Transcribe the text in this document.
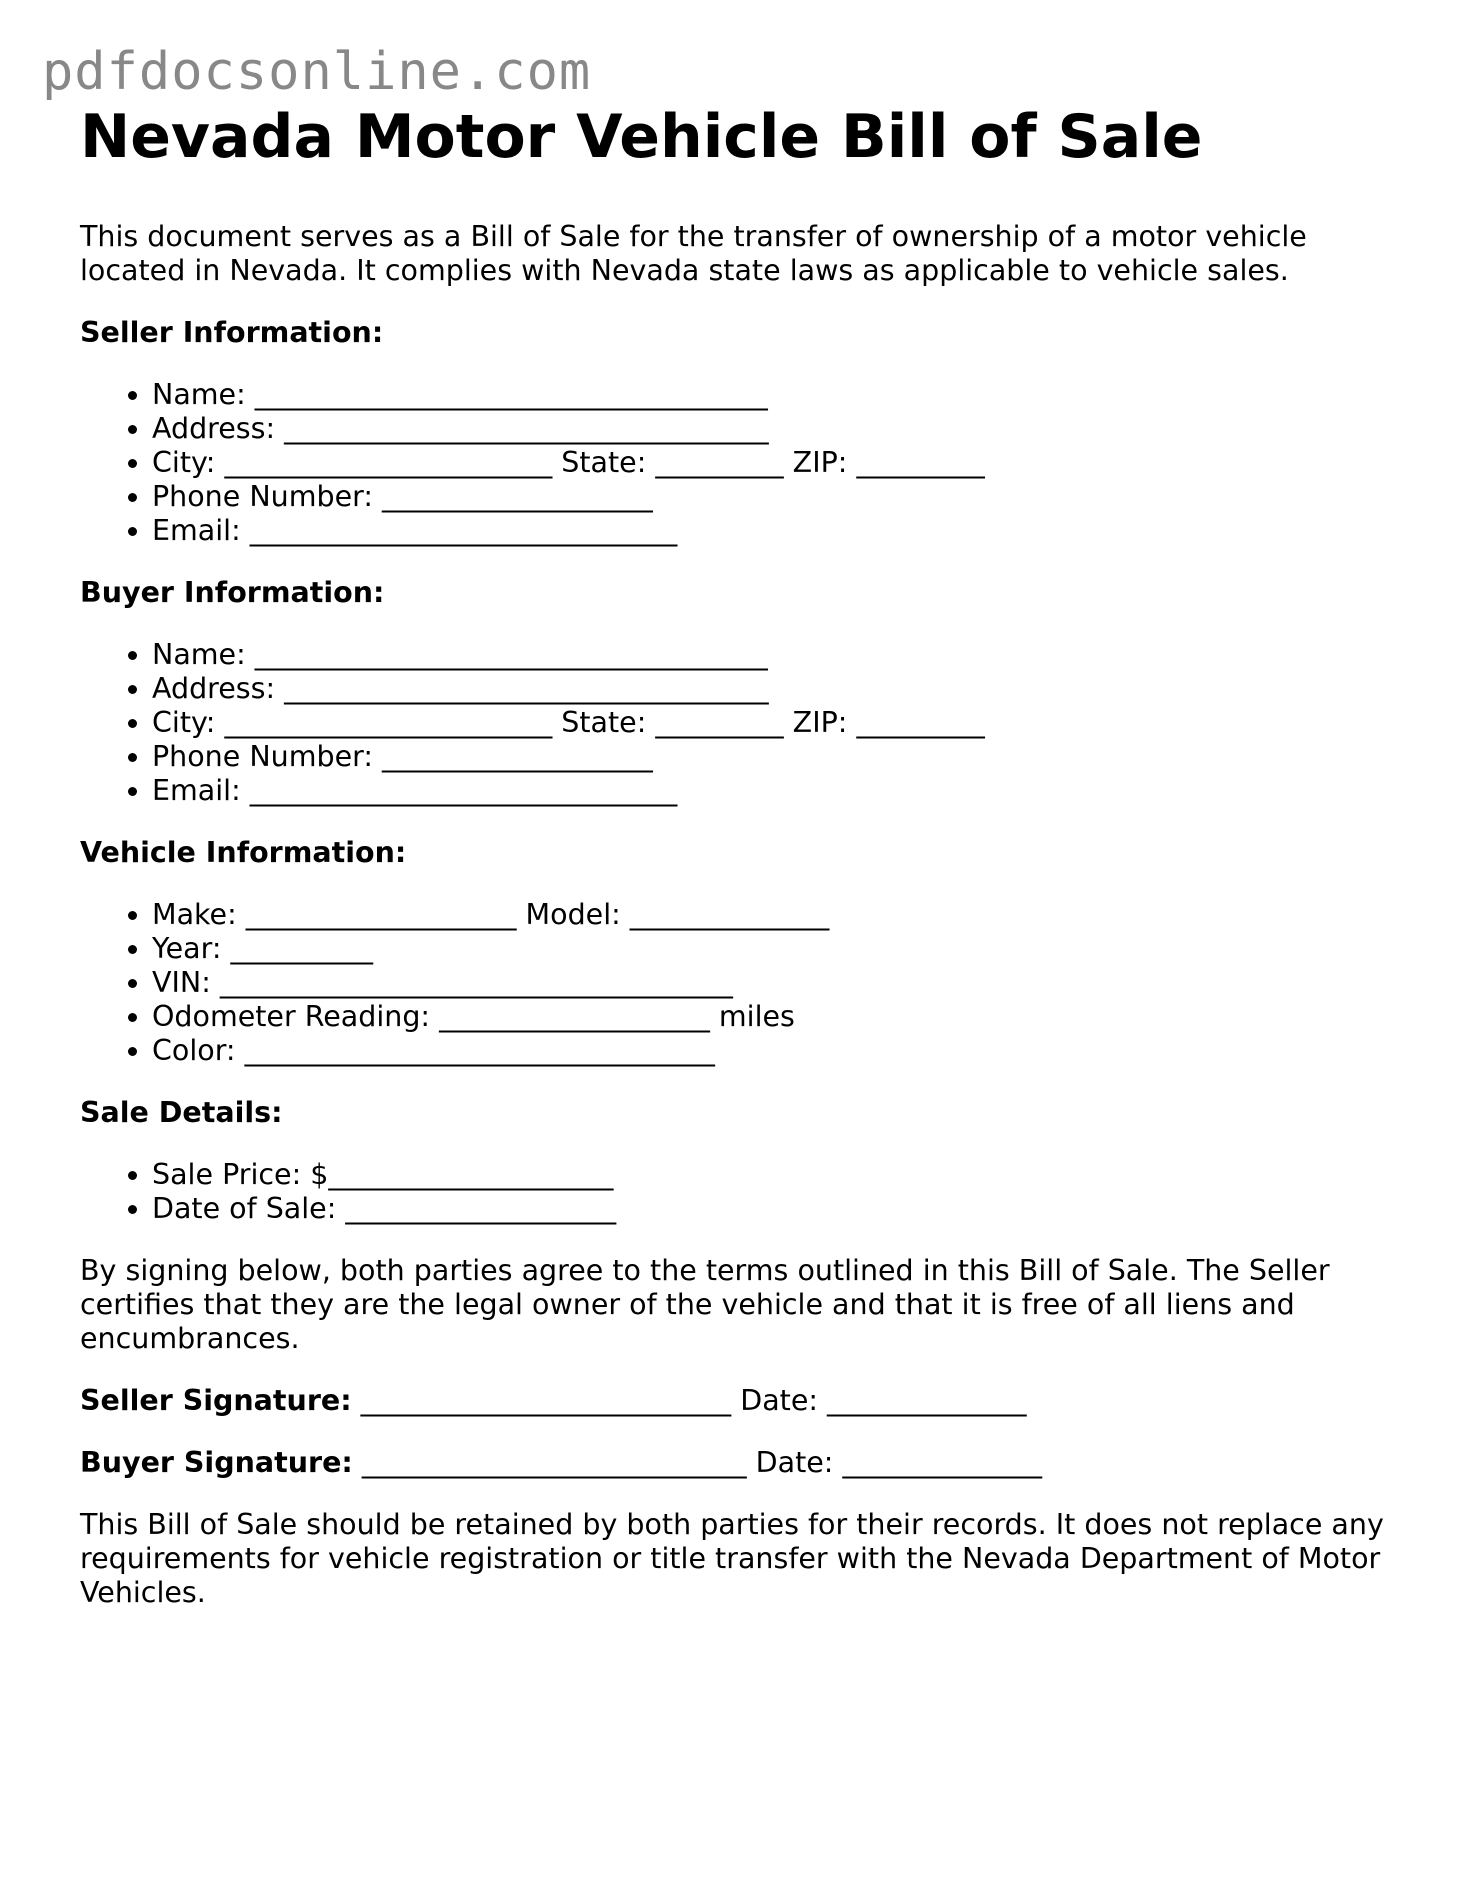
pdfdocsonline.com
Nevada Motor Vehicle Bill of Sale

This document serves as a Bill of Sale for the transfer of ownership of a motor vehicle located in Nevada. It complies with Nevada state laws as applicable to vehicle sales.

Seller Information:
• Name: ____________________________________
• Address: __________________________________
• City: _______________________ State: _________ ZIP: _________
• Phone Number: ___________________
• Email: ______________________________
Buyer Information:
• Name: ____________________________________
• Address: __________________________________
• City: _______________________ State: _________ ZIP: _________
• Phone Number: ___________________
• Email: ______________________________
Vehicle Information:
• Make: ___________________ Model: ______________
• Year: __________
• VIN: ____________________________________
• Odometer Reading: ___________________ miles
• Color: _________________________________
Sale Details:
• Sale Price: $____________________
• Date of Sale: ___________________

By signing below, both parties agree to the terms outlined in this Bill of Sale. The Seller certifies that they are the legal owner of the vehicle and that it is free of all liens and encumbrances.

Seller Signature: __________________________ Date: ______________
Buyer Signature: ___________________________ Date: ______________

This Bill of Sale should be retained by both parties for their records. It does not replace any requirements for vehicle registration or title transfer with the Nevada Department of Motor Vehicles.
